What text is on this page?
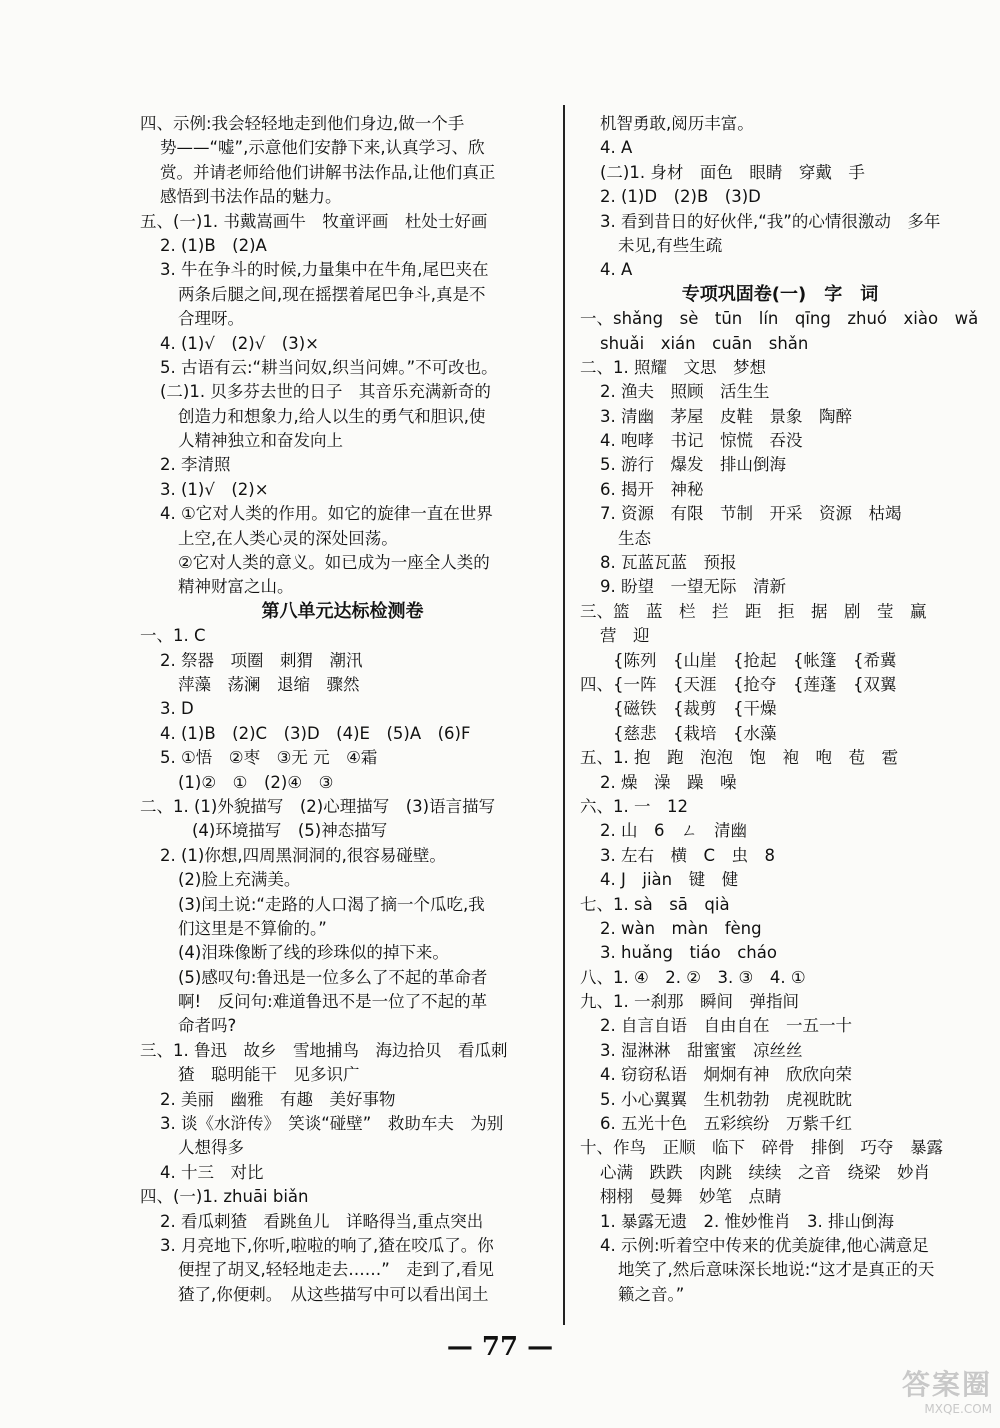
四、示例:我会轻轻地走到他们身边,做一个手
势——“嘘”,示意他们安静下来,认真学习、欣
赏。并请老师给他们讲解书法作品,让他们真正
感悟到书法作品的魅力。
五、(一)1. 书戴嵩画牛　牧童评画　杜处士好画
2. (1)B　(2)A
3. 牛在争斗的时候,力量集中在牛角,尾巴夹在
两条后腿之间,现在摇摆着尾巴争斗,真是不
合理呀。
4. (1)√　(2)√　(3)×
5. 古语有云:“耕当问奴,织当问婢。”不可改也。
(二)1. 贝多芬去世的日子　其音乐充满新奇的
创造力和想象力,给人以生的勇气和胆识,使
人精神独立和奋发向上
2. 李清照
3. (1)√　(2)×
4. ①它对人类的作用。如它的旋律一直在世界
上空,在人类心灵的深处回荡。
②它对人类的意义。如已成为一座全人类的
精神财富之山。
第八单元达标检测卷
一、1. C
2. 祭器　项圈　刺猬　潮汛
萍藻　荡澜　退缩　骤然
3. D
4. (1)B　(2)C　(3)D　(4)E　(5)A　(6)F
5. ①悟　②枣　③无 元　④霜
(1)②　①　(2)④　③
二、1. (1)外貌描写　(2)心理描写　(3)语言描写
(4)环境描写　(5)神态描写
2. (1)你想,四周黑洞洞的,很容易碰壁。
(2)脸上充满美。
(3)闰土说:“走路的人口渴了摘一个瓜吃,我
们这里是不算偷的。”
(4)泪珠像断了线的珍珠似的掉下来。
(5)感叹句:鲁迅是一位多么了不起的革命者
啊!　反问句:难道鲁迅不是一位了不起的革
命者吗?
三、1. 鲁迅　故乡　雪地捕鸟　海边拾贝　看瓜刺
猹　聪明能干　见多识广
2. 美丽　幽雅　有趣　美好事物
3. 谈《水浒传》　笑谈“碰壁”　救助车夫　为别
人想得多
4. 十三　对比
四、(一)1. zhuāi biǎn
2. 看瓜刺猹　看跳鱼儿　详略得当,重点突出
3. 月亮地下,你听,啦啦的响了,猹在咬瓜了。你
便捏了胡叉,轻轻地走去……”　走到了,看见
猹了,你便刺。　从这些描写中可以看出闰土
机智勇敢,阅历丰富。
4. A
(二)1. 身材　面色　眼睛　穿戴　手
2. (1)D　(2)B　(3)D
3. 看到昔日的好伙伴,“我”的心情很激动　多年
未见,有些生疏
4. A
专项巩固卷(一)　字　词
一、shǎng　sè　tūn　lín　qīng　zhuó　xiào　wǎ
shuǎi　xián　cuān　shǎn
二、1. 照耀　文思　梦想
2. 渔夫　照顾　活生生
3. 清幽　茅屋　皮鞋　景象　陶醉
4. 咆哮　书记　惊慌　吞没
5. 游行　爆发　排山倒海
6. 揭开　神秘
7. 资源　有限　节制　开采　资源　枯竭
生态
8. 瓦蓝瓦蓝　预报
9. 盼望　一望无际　清新
三、篮　蓝　栏　拦　距　拒　据　剧　莹　赢
营　迎
　　{陈列　{山崖　{抢起　{帐篷　{希冀
四、{一阵　{天涯　{抢夺　{莲蓬　{双翼
　　{磁铁　{裁剪　{干燥
　　{慈悲　{栽培　{水藻
五、1. 抱　跑　泡泡　饱　袍　咆　苞　雹
2. 燥　澡　躁　噪
六、1. 一　12
2. 山　6　ㄥ　清幽
3. 左右　横　C　虫　8
4. J　jiàn　键　健
七、1. sà　sā　qià
2. wàn　màn　fèng
3. huǎng　tiáo　cháo
八、1. ④　2. ②　3. ③　4. ①
九、1. 一刹那　瞬间　弹指间
2. 自言自语　自由自在　一五一十
3. 湿淋淋　甜蜜蜜　凉丝丝
4. 窃窃私语　炯炯有神　欣欣向荣
5. 小心翼翼　生机勃勃　虎视眈眈
6. 五光十色　五彩缤纷　万紫千红
十、作鸟　正顺　临下　碎骨　排倒　巧夺　暴露
心满　跌跌　肉跳　续续　之音　绕梁　妙肖
栩栩　曼舞　妙笔　点睛
1. 暴露无遗　2. 惟妙惟肖　3. 排山倒海
4. 示例:听着空中传来的优美旋律,他心满意足
地笑了,然后意味深长地说:“这才是真正的天
籁之音。”
— 77 —
答案圈
MXQE.COM
